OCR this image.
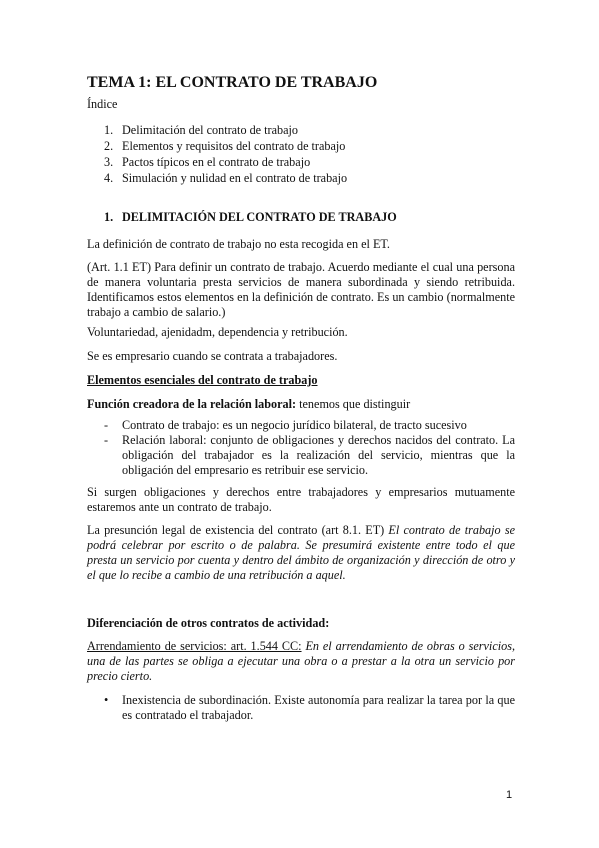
TEMA 1: EL CONTRATO DE TRABAJO
Índice
1. Delimitación del contrato de trabajo
2. Elementos y requisitos del contrato de trabajo
3. Pactos típicos en el contrato de trabajo
4. Simulación y nulidad en el contrato de trabajo
1. DELIMITACIÓN DEL CONTRATO DE TRABAJO
La definición de contrato de trabajo no esta recogida en el ET.
(Art. 1.1 ET) Para definir un contrato de trabajo. Acuerdo mediante el cual una persona de manera voluntaria presta servicios de manera subordinada y siendo retribuida. Identificamos estos elementos en la definición de contrato. Es un cambio (normalmente trabajo a cambio de salario.)
Voluntariedad, ajenidadm, dependencia y retribución.
Se es empresario cuando se contrata a trabajadores.
Elementos esenciales del contrato de trabajo
Función creadora de la relación laboral: tenemos que distinguir
-	Contrato de trabajo: es un negocio jurídico bilateral, de tracto sucesivo
-	Relación laboral: conjunto de obligaciones y derechos nacidos del contrato. La obligación del trabajador es la realización del servicio, mientras que la obligación del empresario es retribuir ese servicio.
Si surgen obligaciones y derechos entre trabajadores y empresarios mutuamente estaremos ante un contrato de trabajo.
La presunción legal de existencia del contrato (art 8.1. ET) El contrato de trabajo se podrá celebrar por escrito o de palabra. Se presumirá existente entre todo el que presta un servicio por cuenta y dentro del ámbito de organización y dirección de otro y el que lo recibe a cambio de una retribución a aquel.
Diferenciación de otros contratos de actividad:
Arrendamiento de servicios: art. 1.544 CC: En el arrendamiento de obras o servicios, una de las partes se obliga a ejecutar una obra o a prestar a la otra un servicio por precio cierto.
•	Inexistencia de subordinación. Existe autonomía para realizar la tarea por la que es contratado el trabajador.
1
